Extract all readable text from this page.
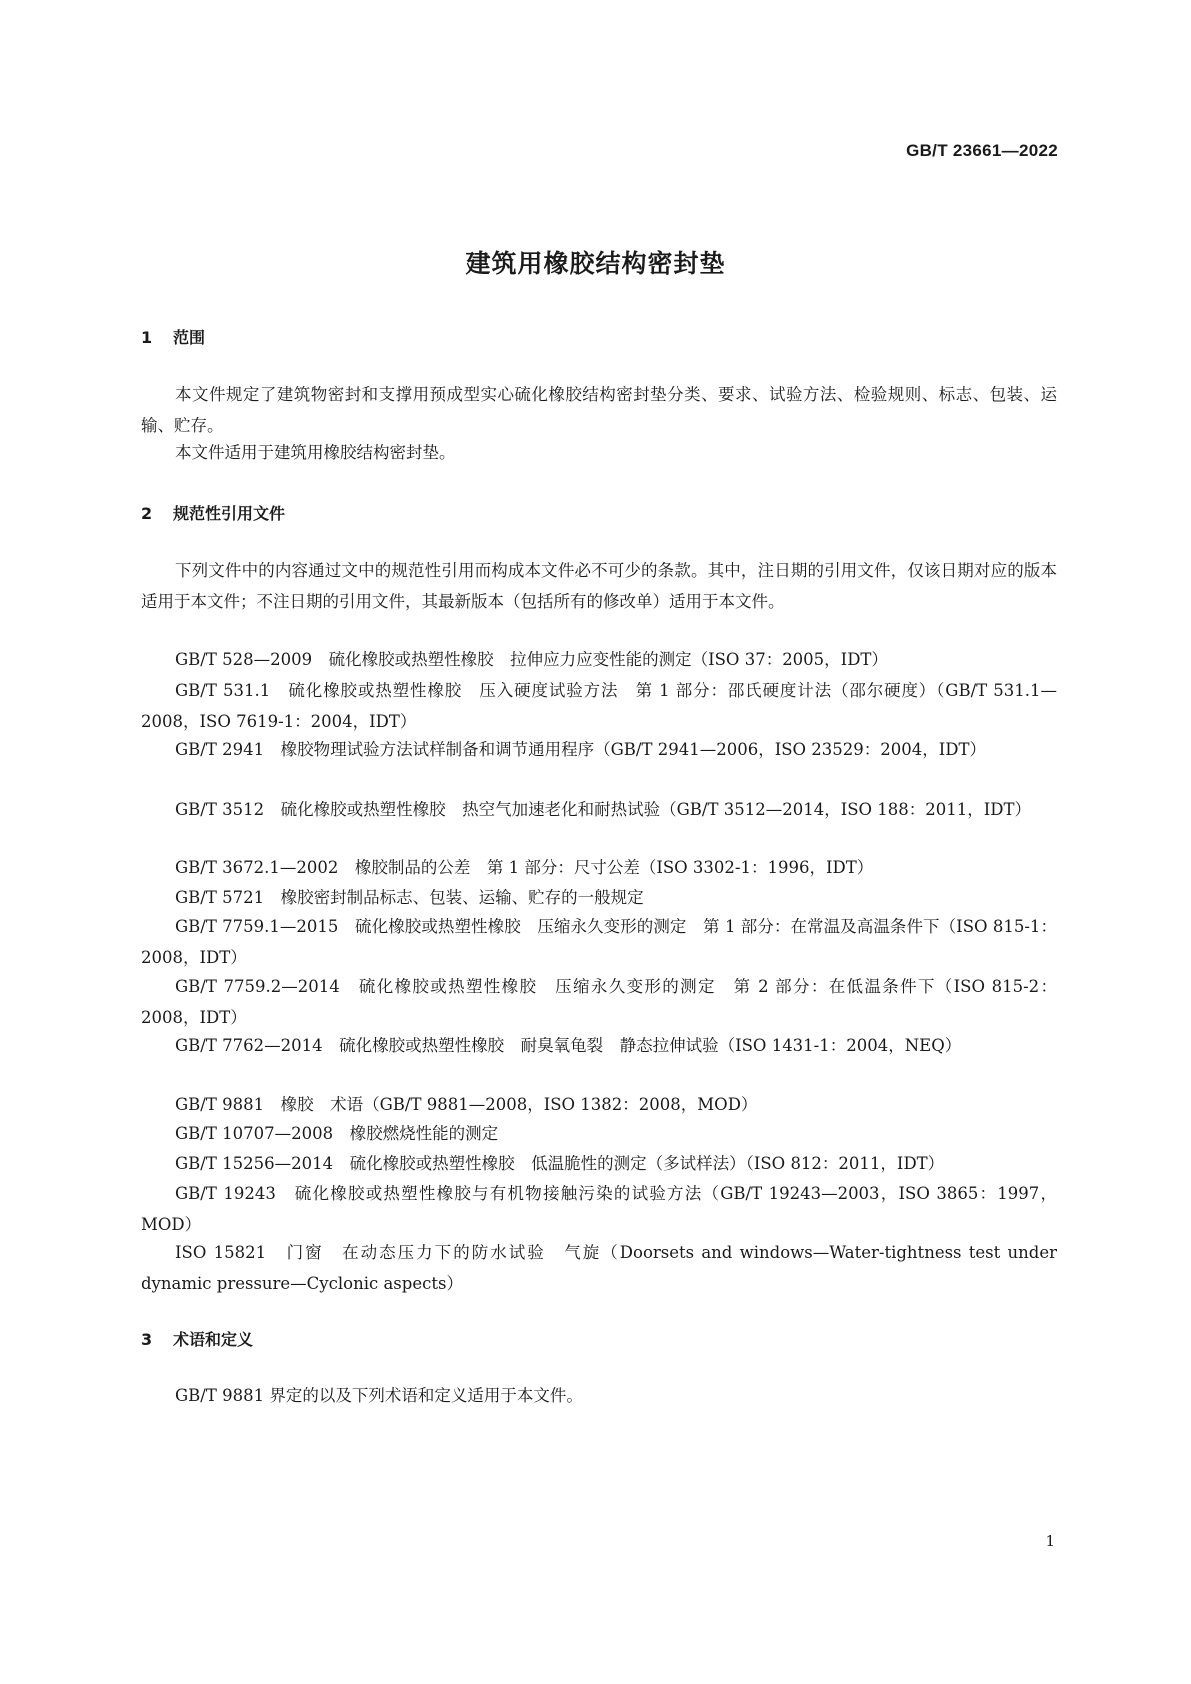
GB/T 23661—2022
建筑用橡胶结构密封垫
1 范围
本文件规定了建筑物密封和支撑用预成型实心硫化橡胶结构密封垫分类、要求、试验方法、检验规则、标志、包装、运输、贮存。
本文件适用于建筑用橡胶结构密封垫。
2 规范性引用文件
下列文件中的内容通过文中的规范性引用而构成本文件必不可少的条款。其中，注日期的引用文件，仅该日期对应的版本适用于本文件；不注日期的引用文件，其最新版本（包括所有的修改单）适用于本文件。
GB/T 528—2009　硫化橡胶或热塑性橡胶　拉伸应力应变性能的测定（ISO 37：2005，IDT）
GB/T 531.1　硫化橡胶或热塑性橡胶　压入硬度试验方法　第 1 部分：邵氏硬度计法（邵尔硬度）（GB/T 531.1—2008，ISO 7619-1：2004，IDT）
GB/T 2941　橡胶物理试验方法试样制备和调节通用程序（GB/T 2941—2006，ISO 23529：2004，IDT）
GB/T 3512　硫化橡胶或热塑性橡胶　热空气加速老化和耐热试验（GB/T 3512—2014，ISO 188：2011，IDT）
GB/T 3672.1—2002　橡胶制品的公差　第 1 部分：尺寸公差（ISO 3302-1：1996，IDT）
GB/T 5721　橡胶密封制品标志、包装、运输、贮存的一般规定
GB/T 7759.1—2015　硫化橡胶或热塑性橡胶　压缩永久变形的测定　第 1 部分：在常温及高温条件下（ISO 815-1：2008，IDT）
GB/T 7759.2—2014　硫化橡胶或热塑性橡胶　压缩永久变形的测定　第 2 部分：在低温条件下（ISO 815-2：2008，IDT）
GB/T 7762—2014　硫化橡胶或热塑性橡胶　耐臭氧龟裂　静态拉伸试验（ISO 1431-1：2004，NEQ）
GB/T 9881　橡胶　术语（GB/T 9881—2008，ISO 1382：2008，MOD）
GB/T 10707—2008　橡胶燃烧性能的测定
GB/T 15256—2014　硫化橡胶或热塑性橡胶　低温脆性的测定（多试样法）（ISO 812：2011，IDT）
GB/T 19243　硫化橡胶或热塑性橡胶与有机物接触污染的试验方法（GB/T 19243—2003，ISO 3865：1997，MOD）
ISO 15821　门窗　在动态压力下的防水试验　气旋（Doorsets and windows—Water-tightness test under dynamic pressure—Cyclonic aspects）
3 术语和定义
GB/T 9881 界定的以及下列术语和定义适用于本文件。
1
